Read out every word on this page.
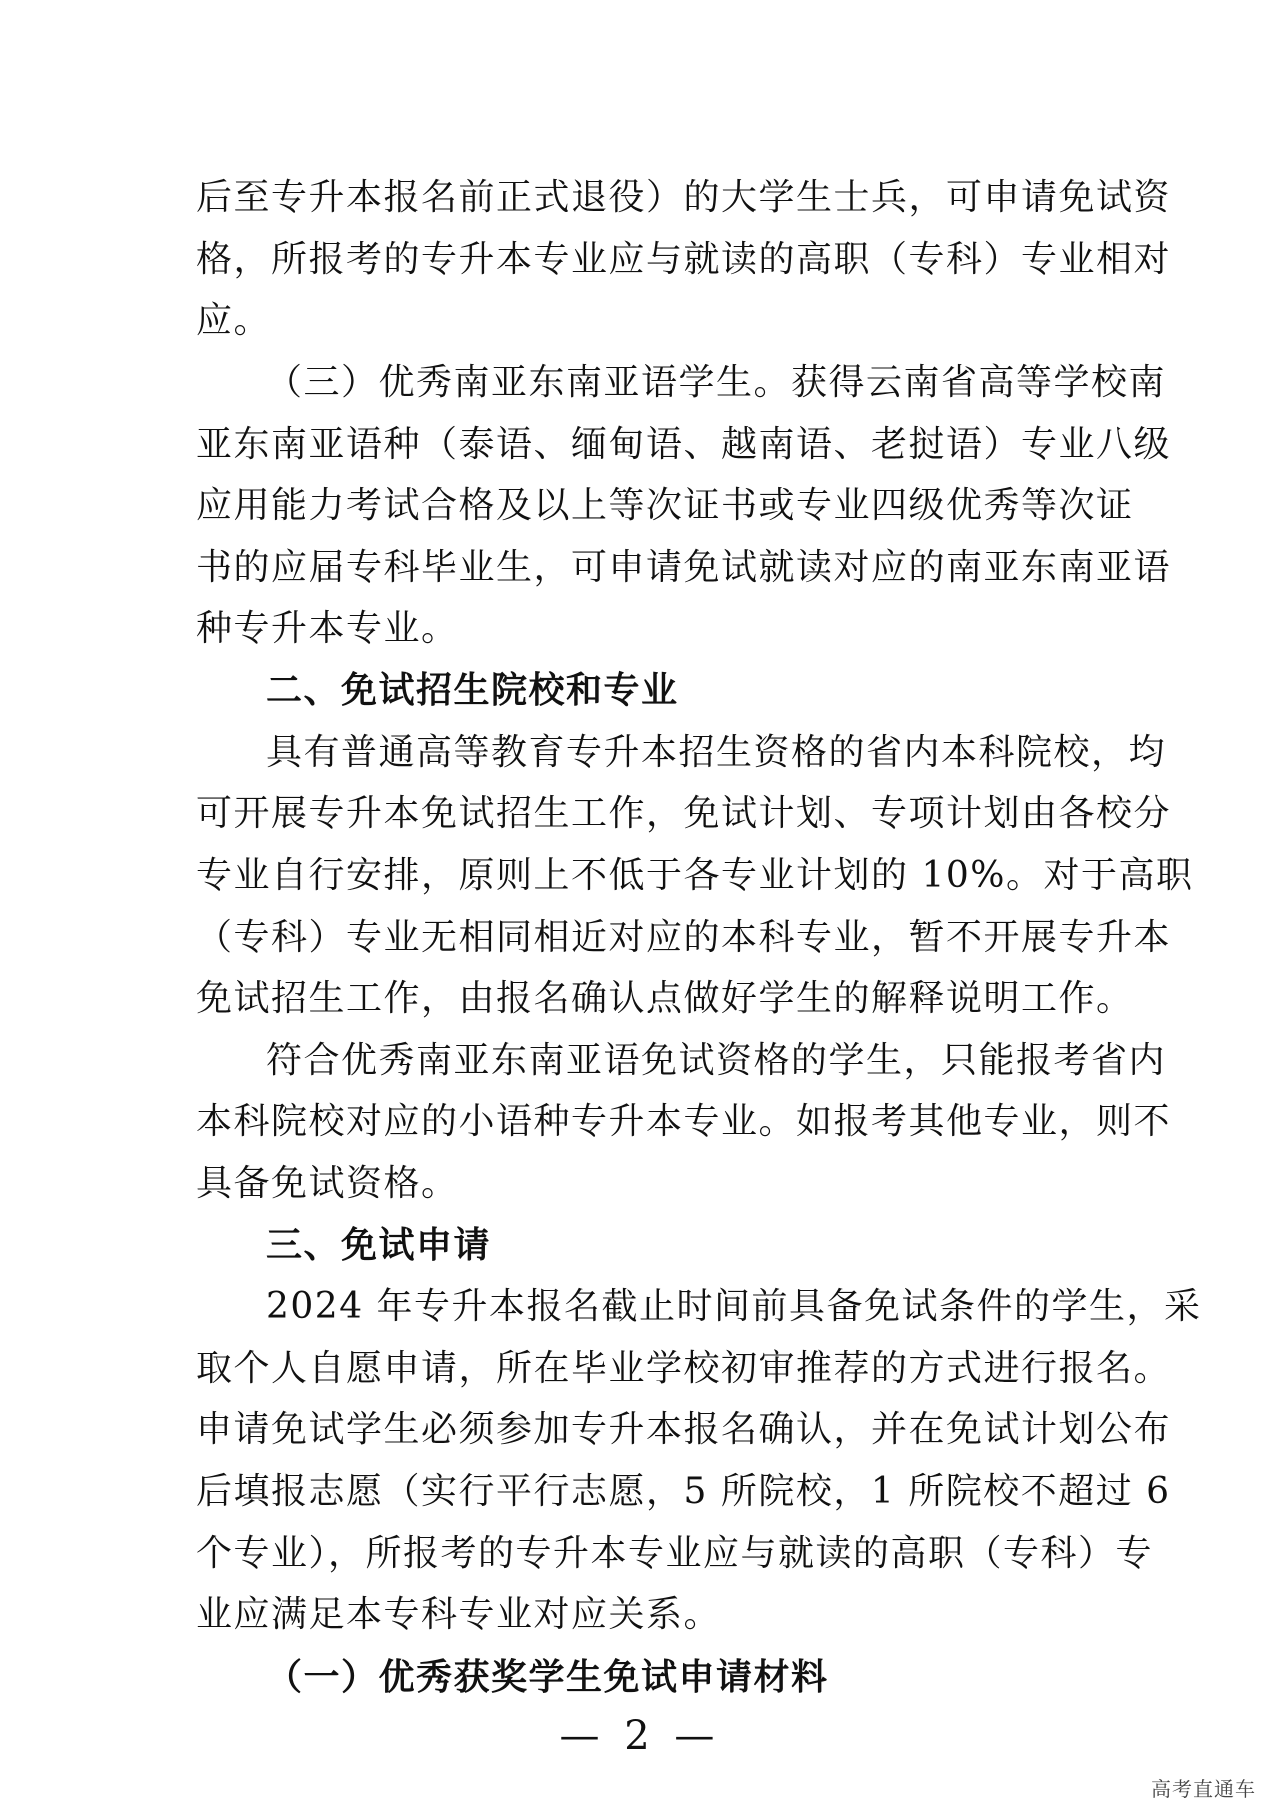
后至专升本报名前正式退役）的大学生士兵，可申请免试资
格，所报考的专升本专业应与就读的高职（专科）专业相对
应。
（三）优秀南亚东南亚语学生。获得云南省高等学校南
亚东南亚语种（泰语、缅甸语、越南语、老挝语）专业八级
应用能力考试合格及以上等次证书或专业四级优秀等次证
书的应届专科毕业生，可申请免试就读对应的南亚东南亚语
种专升本专业。
二、免试招生院校和专业
具有普通高等教育专升本招生资格的省内本科院校，均
可开展专升本免试招生工作，免试计划、专项计划由各校分
专业自行安排，原则上不低于各专业计划的 10%。对于高职
（专科）专业无相同相近对应的本科专业，暂不开展专升本
免试招生工作，由报名确认点做好学生的解释说明工作。
符合优秀南亚东南亚语免试资格的学生，只能报考省内
本科院校对应的小语种专升本专业。如报考其他专业，则不
具备免试资格。
三、免试申请
2024 年专升本报名截止时间前具备免试条件的学生，采
取个人自愿申请，所在毕业学校初审推荐的方式进行报名。
申请免试学生必须参加专升本报名确认，并在免试计划公布
后填报志愿（实行平行志愿，5 所院校，1 所院校不超过 6
个专业），所报考的专升本专业应与就读的高职（专科）专
业应满足本专科专业对应关系。
（一）优秀获奖学生免试申请材料
— 2 —
高考直通车
